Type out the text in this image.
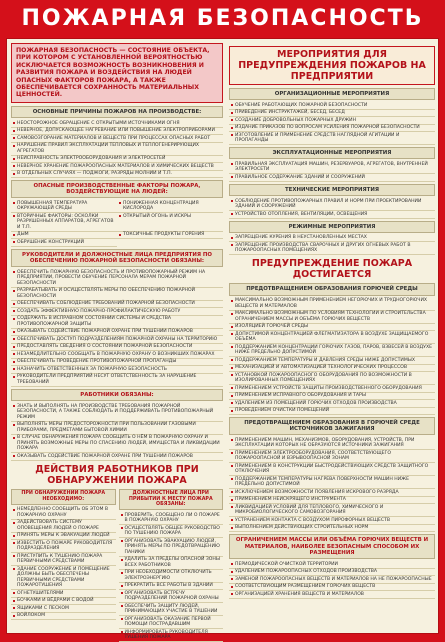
ПОЖАРНАЯ БЕЗОПАСНОСТЬ
ПОЖАРНАЯ БЕЗОПАСНОСТЬ — СОСТОЯНИЕ ОБЪЕКТА, ПРИ КОТОРОМ С УСТАНОВЛЕННОЙ ВЕРОЯТНОСТЬЮ ИСКЛЮЧАЕТСЯ ВОЗМОЖНОСТЬ ВОЗНИКНОВЕНИЯ И РАЗВИТИЯ ПОЖАРА И ВОЗДЕЙСТВИЯ НА ЛЮДЕЙ ОПАСНЫХ ФАКТОРОВ ПОЖАРА, А ТАКЖЕ ОБЕСПЕЧИВАЕТСЯ СОХРАННОСТЬ МАТЕРИАЛЬНЫХ ЦЕННОСТЕЙ.
ОСНОВНЫЕ ПРИЧИНЫ ПОЖАРОВ НА ПРОИЗВОДСТВЕ:
НЕОСТОРОЖНОЕ ОБРАЩЕНИЕ С ОТКРЫТЫМИ ИСТОЧНИКАМИ ОГНЯ
НЕВЕРНОЕ, ДОПУСКАЮЩЕЕ НАГРЕВАНИЕ ИЛИ ПОВЫШЕНИЕ ЭЛЕКТРОПРИБОРАМИ
САМОВОЗГОРАНИЕ МАТЕРИАЛОВ И ВЕЩЕСТВ ПРИ ПРОЦЕССАХ ОПАСНЫХ РАБОТ
НАРУШЕНИЕ ПРАВИЛ ЭКСПЛУАТАЦИИ ТЕПЛОВЫХ И ТЕПЛОГЕНЕРИРУЮЩИХ АГРЕГАТОВ
НЕИСПРАВНОСТЬ ЭЛЕКТРООБОРУДОВАНИЯ И ЭЛЕКТРОСЕТЕЙ
НЕВЕРНОЕ ХРАНЕНИЕ ПОЖАРООПАСНЫХ МАТЕРИАЛОВ И ХИМИЧЕСКИХ ВЕЩЕСТВ
В ОТДЕЛЬНЫХ СЛУЧАЯХ — ПОДЖОГИ, РАЗРЯДЫ МОЛНИИ И Т.П.
ОПАСНЫЕ ПРОИЗВОДСТВЕННЫЕ ФАКТОРЫ ПОЖАРА, ВОЗДЕЙСТВУЮЩИЕ НА ЛЮДЕЙ:
ПОВЫШЕННАЯ ТЕМПЕРАТУРА ОКРУЖАЮЩЕЙ СРЕДЫ
ПОНИЖЕННАЯ КОНЦЕНТРАЦИЯ КИСЛОРОДА
ВТОРИЧНЫЕ ФАКТОРЫ: ОСКОЛКИ РАЗРУШЕННЫХ АППАРАТОВ, АГРЕГАТОВ И Т.П.
ОТКРЫТЫЙ ОГОНЬ И ИСКРЫ
ДЫМ	ТОКСИЧНЫЕ ПРОДУКТЫ ГОРЕНИЯ
ОБРУШЕНИЕ КОНСТРУКЦИЙ
РУКОВОДИТЕЛИ И ДОЛЖНОСТНЫЕ ЛИЦА ПРЕДПРИЯТИЯ ПО ОБЕСПЕЧЕНИЮ ПОЖАРНОЙ БЕЗОПАСНОСТИ ОБЯЗАНЫ:
ОБЕСПЕЧИТЬ ПОЖАРНУЮ БЕЗОПАСНОСТЬ И ПРОТИВОПОЖАРНЫЙ РЕЖИМ НА ПРЕДПРИЯТИИ, ПРОВЕСТИ ОБУЧЕНИЕ ПЕРСОНАЛА МЕРАМ ПОЖАРНОЙ БЕЗОПАСНОСТИ
РАЗРАБАТЫВАТЬ И ОСУЩЕСТВЛЯТЬ МЕРЫ ПО ОБЕСПЕЧЕНИЮ ПОЖАРНОЙ БЕЗОПАСНОСТИ
ОБЕСПЕЧИВАТЬ СОБЛЮДЕНИЕ ТРЕБОВАНИЙ ПОЖАРНОЙ БЕЗОПАСНОСТИ
СОЗДАТЬ ЭФФЕКТИВНУЮ ПОЖАРНО-ПРОФИЛАКТИЧЕСКУЮ РАБОТУ
СОДЕРЖАТЬ В ИСПРАВНОМ СОСТОЯНИИ СИСТЕМЫ И СРЕДСТВА ПРОТИВОПОЖАРНОЙ ЗАЩИТЫ
ОКАЗЫВАТЬ СОДЕЙСТВИЕ ПОЖАРНОЙ ОХРАНЕ ПРИ ТУШЕНИИ ПОЖАРОВ
ОБЕСПЕЧИВАТЬ ДОСТУП ПОДРАЗДЕЛЕНИЯМ ПОЖАРНОЙ ОХРАНЫ НА ТЕРРИТОРИЮ
ПРЕДОСТАВЛЯТЬ СВЕДЕНИЯ О СОСТОЯНИИ ПОЖАРНОЙ БЕЗОПАСНОСТИ
НЕЗАМЕДЛИТЕЛЬНО СООБЩАТЬ В ПОЖАРНУЮ ОХРАНУ О ВОЗНИКШИХ ПОЖАРАХ
ОБЕСПЕЧИВАТЬ ПРОВЕДЕНИЕ ПРОТИВОПОЖАРНОЙ ПРОПАГАНДЫ
НАЗНАЧИТЬ ОТВЕТСТВЕННЫХ ЗА ПОЖАРНУЮ БЕЗОПАСНОСТЬ
РУКОВОДИТЕЛИ ПРЕДПРИЯТИЙ НЕСУТ ОТВЕТСТВЕННОСТЬ ЗА НАРУШЕНИЕ ТРЕБОВАНИЙ
РАБОТНИКИ ОБЯЗАНЫ:
ЗНАТЬ И ВЫПОЛНЯТЬ НА ПРОИЗВОДСТВЕ ТРЕБОВАНИЯ ПОЖАРНОЙ БЕЗОПАСНОСТИ, А ТАКЖЕ СОБЛЮДАТЬ И ПОДДЕРЖИВАТЬ ПРОТИВОПОЖАРНЫЙ РЕЖИМ
ВЫПОЛНЯТЬ МЕРЫ ПРЕДОСТОРОЖНОСТИ ПРИ ПОЛЬЗОВАНИИ ГАЗОВЫМИ ПРИБОРАМИ, ПРЕДМЕТАМИ БЫТОВОЙ ХИМИИ
В СЛУЧАЕ ОБНАРУЖЕНИЯ ПОЖАРА СООБЩИТЬ О НЁМ В ПОЖАРНУЮ ОХРАНУ И ПРИНЯТЬ ВОЗМОЖНЫЕ МЕРЫ ПО СПАСЕНИЮ ЛЮДЕЙ, ИМУЩЕСТВА И ЛИКВИДАЦИИ ПОЖАРА
ОКАЗЫВАТЬ СОДЕЙСТВИЕ ПОЖАРНОЙ ОХРАНЕ ПРИ ТУШЕНИИ ПОЖАРОВ
ДЕЙСТВИЯ РАБОТНИКОВ ПРИ ОБНАРУЖЕНИИ ПОЖАРА
ПРИ ОБНАРУЖЕНИИ ПОЖАРА НЕОБХОДИМО:
НЕМЕДЛЕННО СООБЩИТЬ ОБ ЭТОМ В ПОЖАРНУЮ ОХРАНУ
ЗАДЕЙСТВОВАТЬ СИСТЕМУ ОПОВЕЩЕНИЯ ЛЮДЕЙ О ПОЖАРЕ
ПРИНЯТЬ МЕРЫ К ЭВАКУАЦИИ ЛЮДЕЙ
ИЗВЕСТИТЬ О ПОЖАРЕ РУКОВОДИТЕЛЯ ПОДРАЗДЕЛЕНИЯ
ПРИСТУПИТЬ К ТУШЕНИЮ ПОЖАРА ПЕРВИЧНЫМИ СРЕДСТВАМИ
ЗДАНИЕ СООРУЖЕНИЕ И ПОМЕЩЕНИЕ ДОЛЖНЫ БЫТЬ ОБЕСПЕЧЕНЫ ПЕРВИЧНЫМИ СРЕДСТВАМИ ПОЖАРОТУШЕНИЯ
ОГНЕТУШИТЕЛЯМИ
БОЧКАМИ И ВЁДРАМИ С ВОДОЙ
ЯЩИКАМИ С ПЕСКОМ
ВОЙЛОКОМ
ДОЛЖНОСТНЫЕ ЛИЦА ПРИ ПРИБЫТИИ К МЕСТУ ПОЖАРА ОБЯЗАНЫ:
ПРОВЕРИТЬ, СООБЩЕНО ЛИ О ПОЖАРЕ В ПОЖАРНУЮ ОХРАНУ
ОСУЩЕСТВЛЯТЬ ОБЩЕЕ РУКОВОДСТВО ПО ТУШЕНИЮ ПОЖАРА
ОРГАНИЗОВАТЬ ЭВАКУАЦИЮ ЛЮДЕЙ, ПРИНЯТЬ МЕРЫ ПО ПРЕДОТВРАЩЕНИЮ ПАНИКИ
УДАЛИТЬ ЗА ПРЕДЕЛЫ ОПАСНОЙ ЗОНЫ ВСЕХ РАБОТНИКОВ
ПРИ НЕОБХОДИМОСТИ ОТКЛЮЧИТЬ ЭЛЕКТРОЭНЕРГИЮ
ПРЕКРАТИТЬ ВСЕ РАБОТЫ В ЗДАНИИ
ОРГАНИЗОВАТЬ ВСТРЕЧУ ПОДРАЗДЕЛЕНИЙ ПОЖАРНОЙ ОХРАНЫ
ОБЕСПЕЧИТЬ ЗАЩИТУ ЛЮДЕЙ, ПРИНИМАЮЩИХ УЧАСТИЕ В ТУШЕНИИ
ОРГАНИЗОВАТЬ ОКАЗАНИЕ ПЕРВОЙ ПОМОЩИ ПОСТРАДАВШИМ
ИНФОРМИРОВАТЬ РУКОВОДИТЕЛЯ ТУШЕНИЯ ПОЖАРА
МЕРОПРИЯТИЯ ДЛЯ ПРЕДУПРЕЖДЕНИЯ ПОЖАРОВ НА ПРЕДПРИЯТИИ
ОРГАНИЗАЦИОННЫЕ МЕРОПРИЯТИЯ
ОБУЧЕНИЕ РАБОТАЮЩИХ ПОЖАРНОЙ БЕЗОПАСНОСТИ
ПРИВЕДЕНИЕ ИНСТРУКТАЖЕЙ, БЕСЕД, БЕСЕД
СОЗДАНИЕ ДОБРОВОЛЬНЫХ ПОЖАРНЫХ ДРУЖИН
ИЗДАНИЕ ПРИКАЗОВ ПО ВОПРОСАМ УСИЛЕНИЯ ПОЖАРНОЙ БЕЗОПАСНОСТИ
ИЗГОТОВЛЕНИЕ И ПРИМЕНЕНИЕ СРЕДСТВ НАГЛЯДНОЙ АГИТАЦИИ И ПРОПАГАНДЫ
ЭКСПЛУАТАЦИОННЫЕ МЕРОПРИЯТИЯ
ПРАВИЛЬНАЯ ЭКСПЛУАТАЦИЯ МАШИН, РЕЗЕРВУАРОВ, АГРЕГАТОВ, ВНУТРЕННЕЙ ЭЛЕКТРОСЕТИ
ПРАВИЛЬНОЕ СОДЕРЖАНИЕ ЗДАНИЙ И СООРУЖЕНИЙ
ТЕХНИЧЕСКИЕ МЕРОПРИЯТИЯ
СОБЛЮДЕНИЕ ПРОТИВОПОЖАРНЫХ ПРАВИЛ И НОРМ ПРИ ПРОЕКТИРОВАНИИ ЗДАНИЙ И СООРУЖЕНИЙ
УСТРОЙСТВО ОТОПЛЕНИЯ, ВЕНТИЛЯЦИИ, ОСВЕЩЕНИЯ
РЕЖИМНЫЕ МЕРОПРИЯТИЯ
ЗАПРЕЩЕНИЕ КУРЕНИЯ В НЕУСТАНОВЛЕННЫХ МЕСТАХ
ЗАПРЕЩЕНИЕ ПРОИЗВОДСТВА СВАРОЧНЫХ И ДРУГИХ ОГНЕВЫХ РАБОТ В ПОЖАРООПАСНЫХ ПОМЕЩЕНИЯХ
ПРЕДУПРЕЖДЕНИЕ ПОЖАРА ДОСТИГАЕТСЯ
ПРЕДОТВРАЩЕНИЕМ ОБРАЗОВАНИЯ ГОРЮЧЕЙ СРЕДЫ
МАКСИМАЛЬНО ВОЗМОЖНЫМ ПРИМЕНЕНИЕМ НЕГОРЮЧИХ И ТРУДНОГОРЮЧИХ ВЕЩЕСТВ И МАТЕРИАЛОВ
МАКСИМАЛЬНО ВОЗМОЖНЫМ ПО УСЛОВИЯМ ТЕХНОЛОГИИ И СТРОИТЕЛЬСТВА ОГРАНИЧЕНИЕМ МАССЫ И ОБЪЁМА ГОРЮЧИХ ВЕЩЕСТВ
ИЗОЛЯЦИЕЙ ГОРЮЧЕЙ СРЕДЫ
ДОПУСТИМОЙ КОНЦЕНТРАЦИЕЙ ФЛЕГМАТИЗАТОРА В ВОЗДУХЕ ЗАЩИЩАЕМОГО ОБЪЁМА
ПОДДЕРЖАНИЕМ КОНЦЕНТРАЦИИ ГОРЮЧИХ ГАЗОВ, ПАРОВ, ВЗВЕСЕЙ В ВОЗДУХЕ НИЖЕ ПРЕДЕЛЬНО ДОПУСТИМОЙ
ПОДДЕРЖАНИЕМ ТЕМПЕРАТУРЫ И ДАВЛЕНИЯ СРЕДЫ НИЖЕ ДОПУСТИМЫХ
МЕХАНИЗАЦИЕЙ И АВТОМАТИЗАЦИЕЙ ТЕХНОЛОГИЧЕСКИХ ПРОЦЕССОВ
УСТАНОВКОЙ ПОЖАРООПАСНОГО ОБОРУДОВАНИЯ ПО ВОЗМОЖНОСТИ В ИЗОЛИРОВАННЫХ ПОМЕЩЕНИЯХ
ПРИМЕНЕНИЕМ УСТРОЙСТВ ЗАЩИТЫ ПРОИЗВОДСТВЕННОГО ОБОРУДОВАНИЯ
ПРИМЕНЕНИЕМ ИСПРАВНОГО ОБОРУДОВАНИЯ И ТАРЫ
УДАЛЕНИЕМ ИЗ ПОМЕЩЕНИЙ ГОРЮЧИХ ОТХОДОВ ПРОИЗВОДСТВА
ПРОВЕДЕНИЕМ ОЧИСТКИ ПОМЕЩЕНИЙ
ПРЕДОТВРАЩЕНИЕМ ОБРАЗОВАНИЯ В ГОРЮЧЕЙ СРЕДЕ ИСТОЧНИКОВ ЗАЖИГАНИЯ
ПРИМЕНЕНИЕМ МАШИН, МЕХАНИЗМОВ, ОБОРУДОВАНИЯ, УСТРОЙСТВ, ПРИ ЭКСПЛУАТАЦИИ КОТОРЫХ НЕ ОБРАЗУЮТСЯ ИСТОЧНИКИ ЗАЖИГАНИЯ
ПРИМЕНЕНИЕМ ЭЛЕКТРООБОРУДОВАНИЯ, СООТВЕТСТВУЮЩЕГО ПОЖАРООПАСНОЙ И ВЗРЫВООПАСНОЙ ЗОНАМ
ПРИМЕНЕНИЕМ В КОНСТРУКЦИИ БЫСТРОДЕЙСТВУЮЩИХ СРЕДСТВ ЗАЩИТНОГО ОТКЛЮЧЕНИЯ
ПОДДЕРЖАНИЕМ ТЕМПЕРАТУРЫ НАГРЕВА ПОВЕРХНОСТИ МАШИН НИЖЕ ПРЕДЕЛЬНО ДОПУСТИМОЙ
ИСКЛЮЧЕНИЕМ ВОЗМОЖНОСТИ ПОЯВЛЕНИЯ ИСКРОВОГО РАЗРЯДА
ПРИМЕНЕНИЕМ НЕИСКРЯЩЕГО ИНСТРУМЕНТА
ЛИКВИДАЦИЕЙ УСЛОВИЙ ДЛЯ ТЕПЛОВОГО, ХИМИЧЕСКОГО И МИКРОБИОЛОГИЧЕСКОГО САМОВОЗГОРАНИЯ
УСТРАНЕНИЕМ КОНТАКТА С ВОЗДУХОМ ПИРОФОРНЫХ ВЕЩЕСТВ
ВЫПОЛНЕНИЕМ ДЕЙСТВУЮЩИХ СТРОИТЕЛЬНЫХ НОРМ
ОГРАНИЧЕНИЕМ МАССЫ ИЛИ ОБЪЁМА ГОРЮЧИХ ВЕЩЕСТВ И МАТЕРИАЛОВ, НАИБОЛЕЕ БЕЗОПАСНЫМ СПОСОБОМ ИХ РАЗМЕЩЕНИЯ
ПЕРИОДИЧЕСКОЙ ОЧИСТКОЙ ТЕРРИТОРИИ
УДАЛЕНИЕМ ПОЖАРООПАСНЫХ ОТХОДОВ ПРОИЗВОДСТВА
ЗАМЕНОЙ ПОЖАРООПАСНЫХ ВЕЩЕСТВ И МАТЕРИАЛОВ НА НЕ ПОЖАРООПАСНЫЕ
СООТВЕТСТВУЮЩИМ РАЗМЕЩЕНИЕМ ГОРЮЧИХ ВЕЩЕСТВ
ОРГАНИЗАЦИЕЙ ХРАНЕНИЯ ВЕЩЕСТВ И МАТЕРИАЛОВ
